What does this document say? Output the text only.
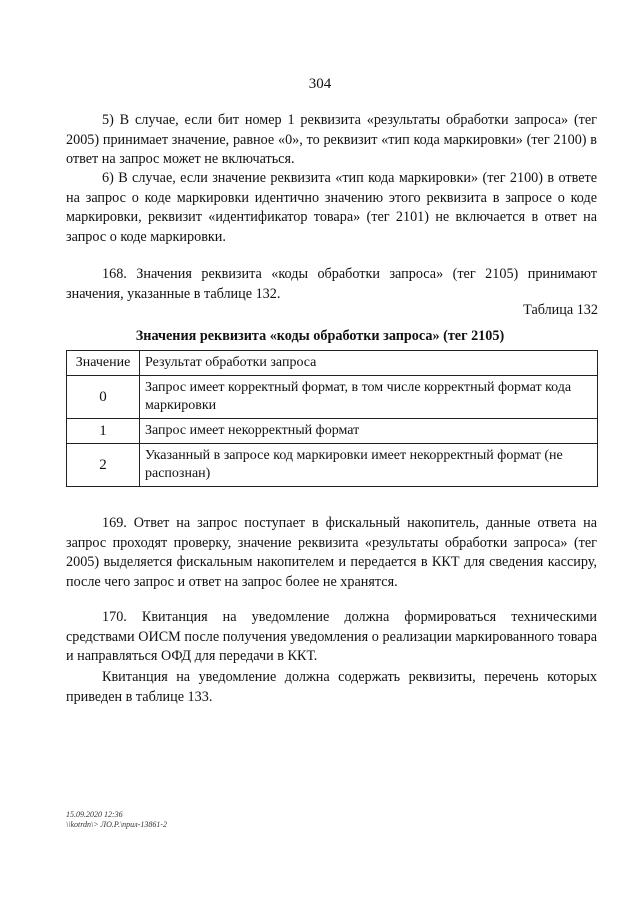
304
5) В случае, если бит номер 1 реквизита «результаты обработки запроса» (тег 2005) принимает значение, равное «0», то реквизит «тип кода маркировки» (тег 2100) в ответ на запрос может не включаться.
6) В случае, если значение реквизита «тип кода маркировки» (тег 2100) в ответе на запрос о коде маркировки идентично значению этого реквизита в запросе о коде маркировки, реквизит «идентификатор товара» (тег 2101) не включается в ответ на запрос о коде маркировки.
168. Значения реквизита «коды обработки запроса» (тег 2105) принимают значения, указанные в таблице 132.
Таблица 132
Значения реквизита «коды обработки запроса» (тег 2105)
Значение	Результат обработки запроса
0	Запрос имеет корректный формат, в том числе корректный формат кода маркировки
1	Запрос имеет некорректный формат
2	Указанный в запросе код маркировки имеет некорректный формат (не распознан)
169. Ответ на запрос поступает в фискальный накопитель, данные ответа на запрос проходят проверку, значение реквизита «результаты обработки запроса» (тег 2005) выделяется фискальным накопителем и передается в ККТ для сведения кассиру, после чего запрос и ответ на запрос более не хранятся.
170. Квитанция на уведомление должна формироваться техническими средствами ОИСМ после получения уведомления о реализации маркированного товара и направляться ОФД для передачи в ККТ.
Квитанция на уведомление должна содержать реквизиты, перечень которых приведен в таблице 133.
15.09.2020 12:36
\\kotrdn\> ЛО.Р.\прил-13861-2
